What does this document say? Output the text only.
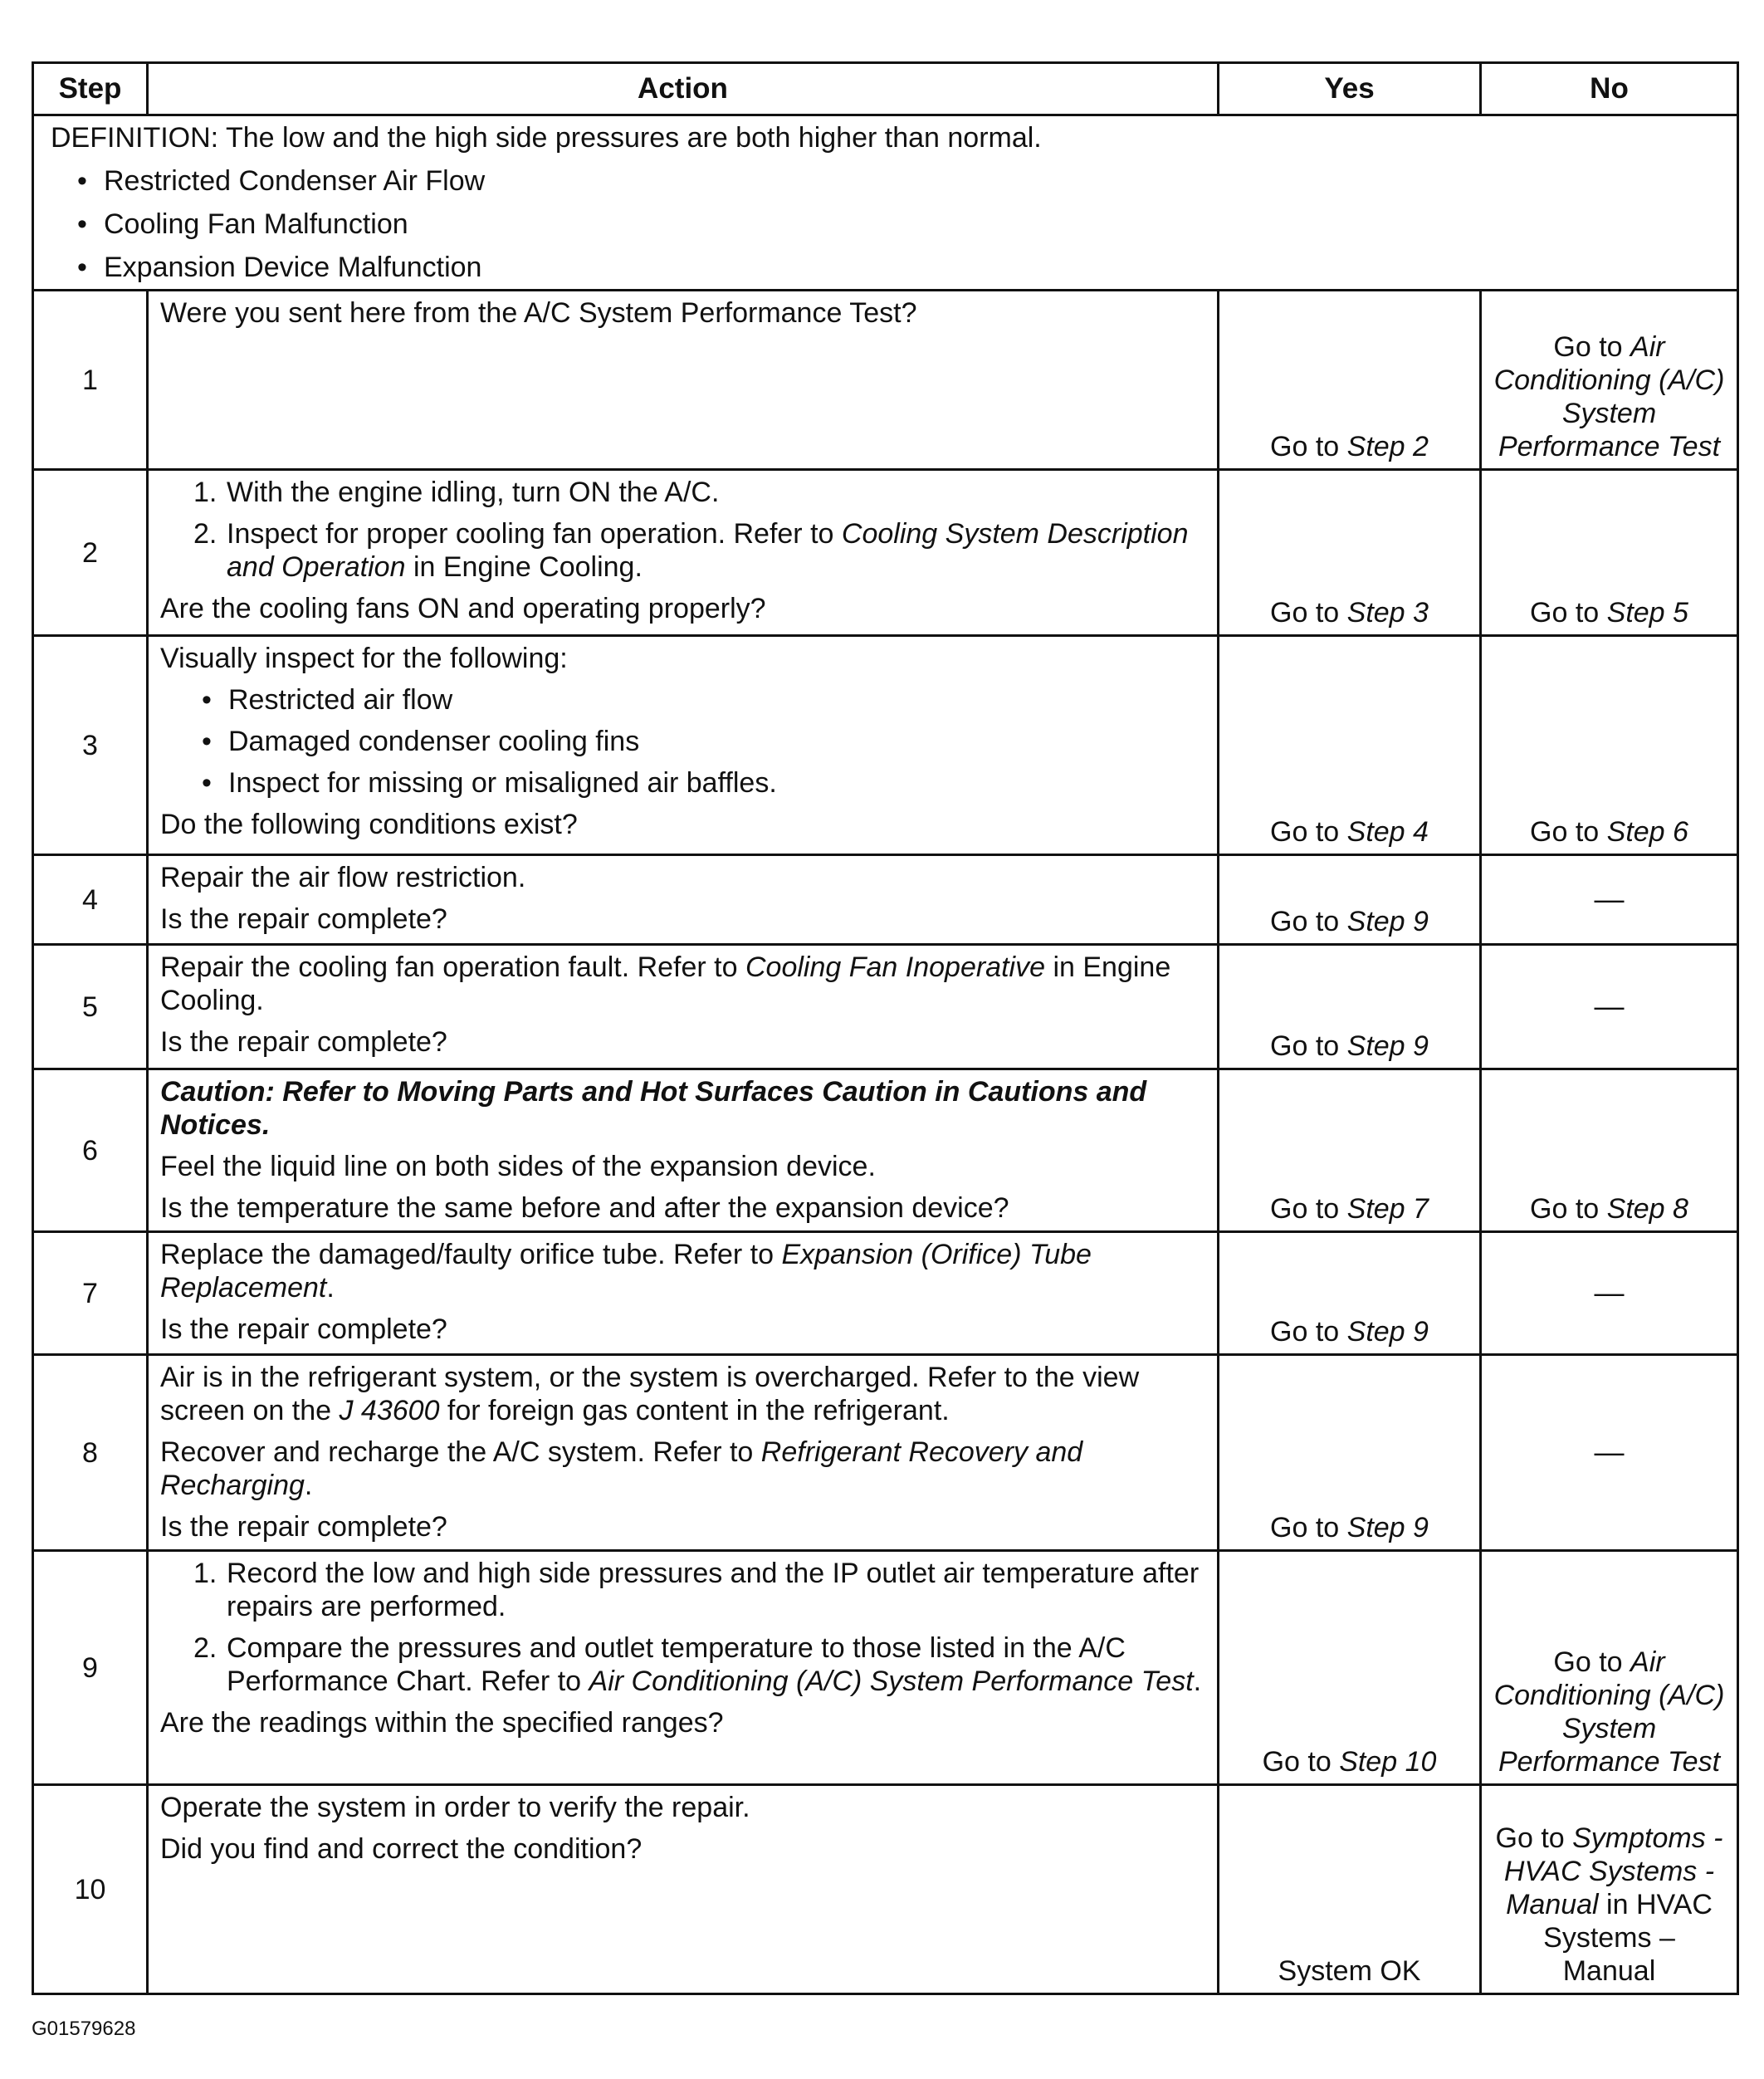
Step	Action	Yes	No

DEFINITION: The low and the high side pressures are both higher than normal.

• Restricted Condenser Air Flow

• Cooling Fan Malfunction

• Expansion Device Malfunction

1	Were you sent here from the A/C System Performance Test?	Go to Step 2	Go to Air Conditioning (A/C) System Performance Test
2	1. With the engine idling, turn ON the A/C.
2. Inspect for proper cooling fan operation. Refer to Cooling System Description and Operation in Engine Cooling.
Are the cooling fans ON and operating properly?	Go to Step 3	Go to Step 5
3	Visually inspect for the following:
• Restricted air flow
• Damaged condenser cooling fins
• Inspect for missing or misaligned air baffles.
Do the following conditions exist?	Go to Step 4	Go to Step 6
4	Repair the air flow restriction.
Is the repair complete?	Go to Step 9	—
5	Repair the cooling fan operation fault. Refer to Cooling Fan Inoperative in Engine Cooling.
Is the repair complete?	Go to Step 9	—
6	Caution: Refer to Moving Parts and Hot Surfaces Caution in Cautions and Notices.
Feel the liquid line on both sides of the expansion device.
Is the temperature the same before and after the expansion device?	Go to Step 7	Go to Step 8
7	Replace the damaged/faulty orifice tube. Refer to Expansion (Orifice) Tube Replacement.
Is the repair complete?	Go to Step 9	—
8	Air is in the refrigerant system, or the system is overcharged. Refer to the view screen on the J 43600 for foreign gas content in the refrigerant.
Recover and recharge the A/C system. Refer to Refrigerant Recovery and Recharging.
Is the repair complete?	Go to Step 9	—
9	1. Record the low and high side pressures and the IP outlet air temperature after repairs are performed.
2. Compare the pressures and outlet temperature to those listed in the A/C Performance Chart. Refer to Air Conditioning (A/C) System Performance Test.
Are the readings within the specified ranges?	Go to Step 10	Go to Air Conditioning (A/C) System Performance Test
10	Operate the system in order to verify the repair.
Did you find and correct the condition?	System OK	Go to Symptoms - HVAC Systems - Manual in HVAC Systems – Manual
G01579628
